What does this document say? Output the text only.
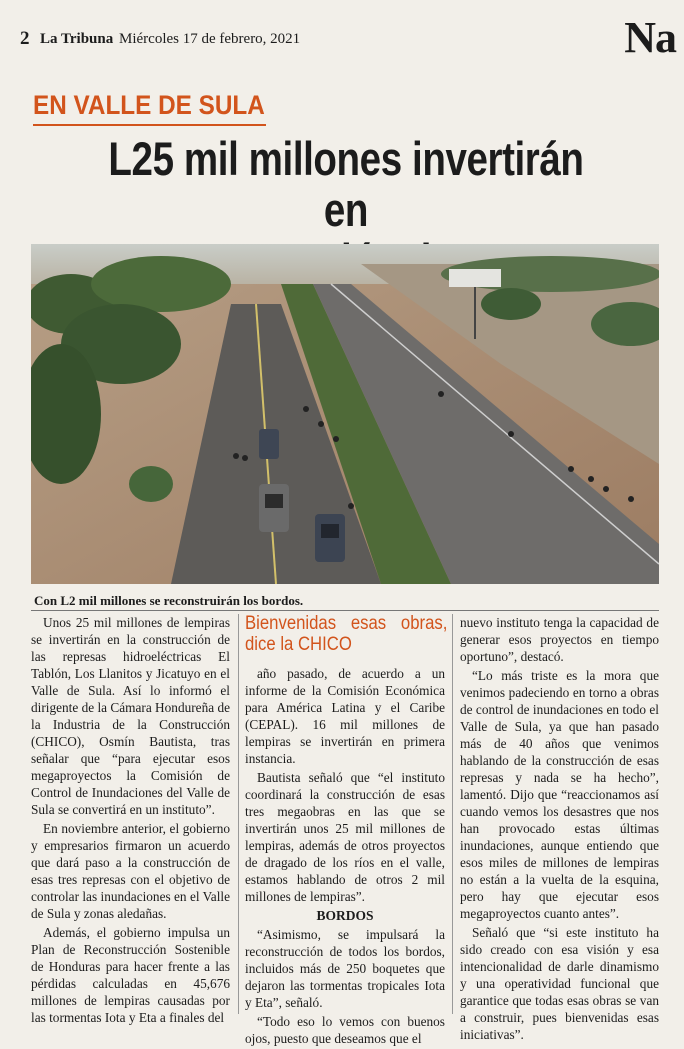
2 La Tribuna Miércoles 17 de febrero, 2021	Na
EN VALLE DE SULA
L25 mil millones invertirán en
Con L2 mil millones se reconstruirán los bordos.

Unos 25 mil millones de lempiras se invertirán en la construcción de las represas hidroeléctricas El Tablón, Los Llanitos y Jicatuyo en el Valle de Sula. Así lo informó el dirigente de la Cámara Hondureña de la Industria de la Construcción (CHICO), Osmín Bautista, tras señalar que “para ejecutar esos megaproyectos la Comisión de Control de Inundaciones del Valle de Sula se convertirá en un instituto”.

En noviembre anterior, el gobierno y empresarios firmaron un acuerdo que dará paso a la construcción de esas tres represas con el objetivo de controlar las inundaciones en el Valle de Sula y zonas aledañas.

Además, el gobierno impulsa un Plan de Reconstrucción Sostenible de Honduras para hacer frente a las pérdidas calculadas en 45,676 millones de lempiras causadas por las tormentas Iota y Eta a finales del

Bienvenidas esas obras, dice la CHICO

año pasado, de acuerdo a un informe de la Comisión Económica para América Latina y el Caribe (CEPAL). 16 mil millones de lempiras se invertirán en primera instancia.

Bautista señaló que “el instituto coordinará la construcción de esas tres megaobras en las que se invertirán unos 25 mil millones de lempiras, además de otros proyectos de dragado de los ríos en el valle, estamos hablando de otros 2 mil millones de lempiras”.

BORDOS

“Asimismo, se impulsará la reconstrucción de todos los bordos, incluidos más de 250 boquetes que dejaron las tormentas tropicales Iota y Eta”, señaló.

“Todo eso lo vemos con buenos ojos, puesto que deseamos que el

nuevo instituto tenga la capacidad de generar esos proyectos en tiempo oportuno”, destacó.

“Lo más triste es la mora que venimos padeciendo en torno a obras de control de inundaciones en todo el Valle de Sula, ya que han pasado más de 40 años que venimos hablando de la construcción de esas represas y nada se ha hecho”, lamentó. Dijo que “reaccionamos así cuando vemos los desastres que nos han provocado estas últimas inundaciones, aunque entiendo que esos miles de millones de lempiras no están a la vuelta de la esquina, pero hay que ejecutar esos megaproyectos cuanto antes”.

Señaló que “si este instituto ha sido creado con esa visión y esa intencionalidad de darle dinamismo y una operatividad funcional que garantice que todas esas obras se van a construir, pues bienvenidas esas iniciativas”.
